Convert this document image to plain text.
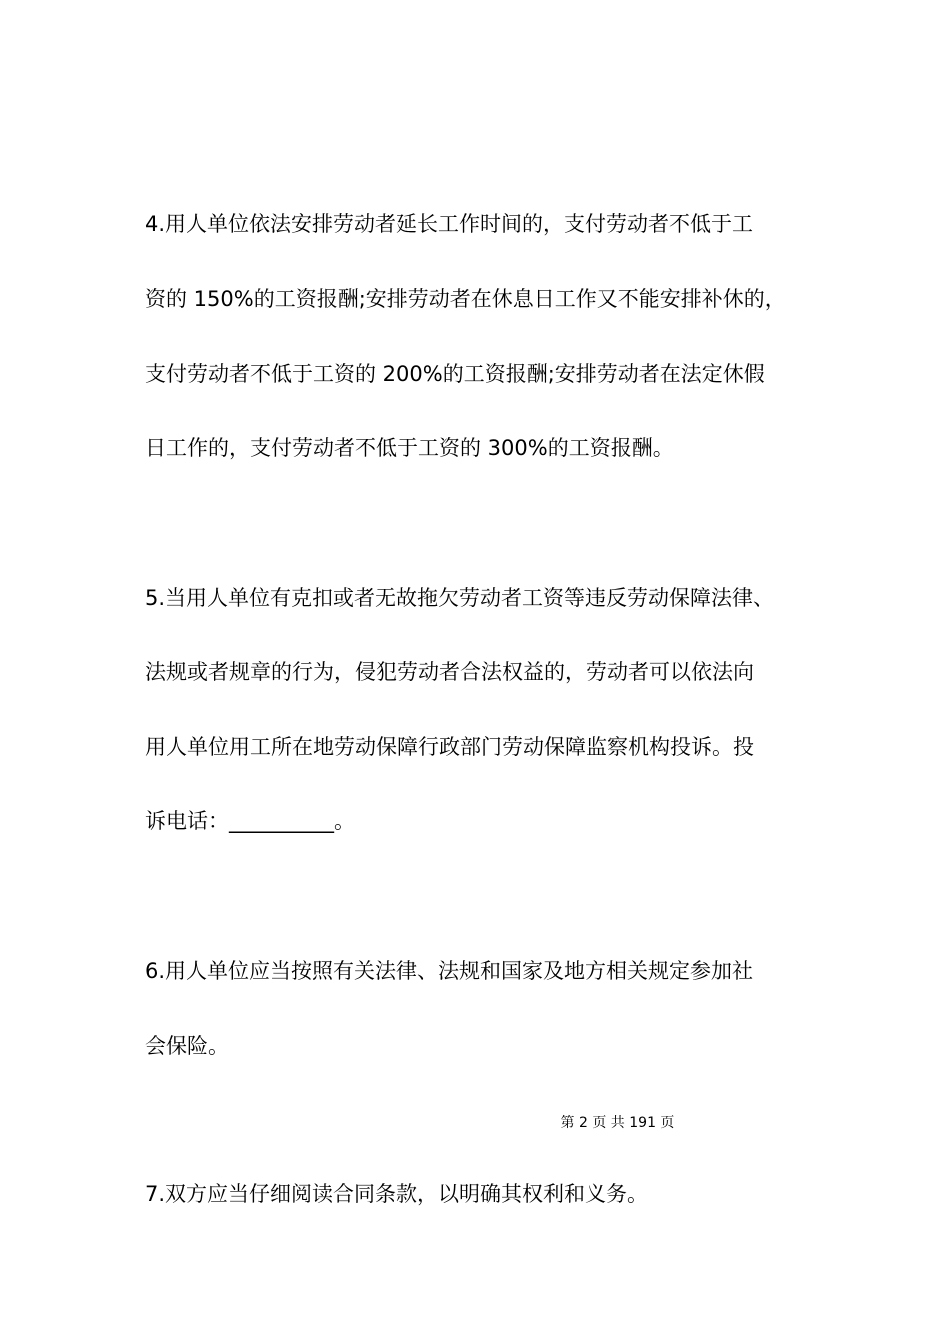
4.用人单位依法安排劳动者延长工作时间的，支付劳动者不低于工

资的 150%的工资报酬;安排劳动者在休息日工作又不能安排补休的，

支付劳动者不低于工资的 200%的工资报酬;安排劳动者在法定休假

日工作的，支付劳动者不低于工资的 300%的工资报酬。

5.当用人单位有克扣或者无故拖欠劳动者工资等违反劳动保障法律、

法规或者规章的行为，侵犯劳动者合法权益的，劳动者可以依法向

用人单位用工所在地劳动保障行政部门劳动保障监察机构投诉。投

诉电话：__________。

6.用人单位应当按照有关法律、法规和国家及地方相关规定参加社

会保险。

第 2 页 共 191 页

7.双方应当仔细阅读合同条款，以明确其权利和义务。
